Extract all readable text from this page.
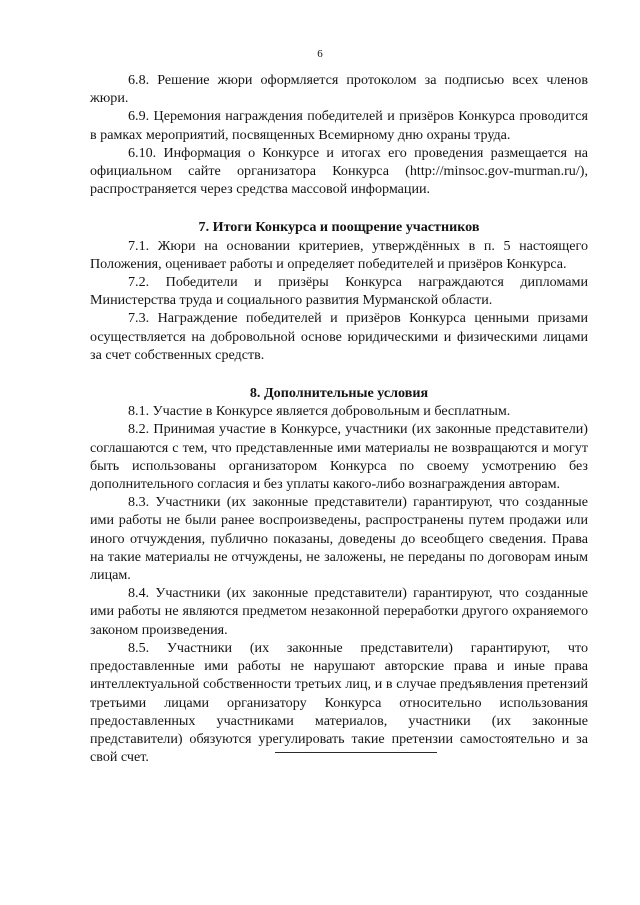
6

6.8. Решение жюри оформляется протоколом за подписью всех членов жюри.

6.9. Церемония награждения победителей и призёров Конкурса проводится в рамках мероприятий, посвященных Всемирному дню охраны труда.

6.10. Информация о Конкурсе и итогах его проведения размещается на официальном сайте организатора Конкурса (http://minsoc.gov-murman.ru/), распространяется через средства массовой информации.

7. Итоги Конкурса и поощрение участников

7.1. Жюри на основании критериев, утверждённых в п. 5 настоящего Положения, оценивает работы и определяет победителей и призёров Конкурса.

7.2. Победители и призёры Конкурса награждаются дипломами Министерства труда и социального развития Мурманской области.

7.3. Награждение победителей и призёров Конкурса ценными призами осуществляется на добровольной основе юридическими и физическими лицами за счет собственных средств.

8. Дополнительные условия

8.1. Участие в Конкурсе является добровольным и бесплатным.

8.2. Принимая участие в Конкурсе, участники (их законные представители) соглашаются с тем, что представленные ими материалы не возвращаются и могут быть использованы организатором Конкурса по своему усмотрению без дополнительного согласия и без уплаты какого-либо вознаграждения авторам.

8.3. Участники (их законные представители) гарантируют, что созданные ими работы не были ранее воспроизведены, распространены путем продажи или иного отчуждения, публично показаны, доведены до всеобщего сведения. Права на такие материалы не отчуждены, не заложены, не переданы по договорам иным лицам.

8.4. Участники (их законные представители) гарантируют, что созданные ими работы не являются предметом незаконной переработки другого охраняемого законом произведения.

8.5. Участники (их законные представители) гарантируют, что предоставленные ими работы не нарушают авторские права и иные права интеллектуальной собственности третьих лиц, и в случае предъявления претензий третьими лицами организатору Конкурса относительно использования предоставленных участниками материалов, участники (их законные представители) обязуются урегулировать такие претензии самостоятельно и за свой счет.
